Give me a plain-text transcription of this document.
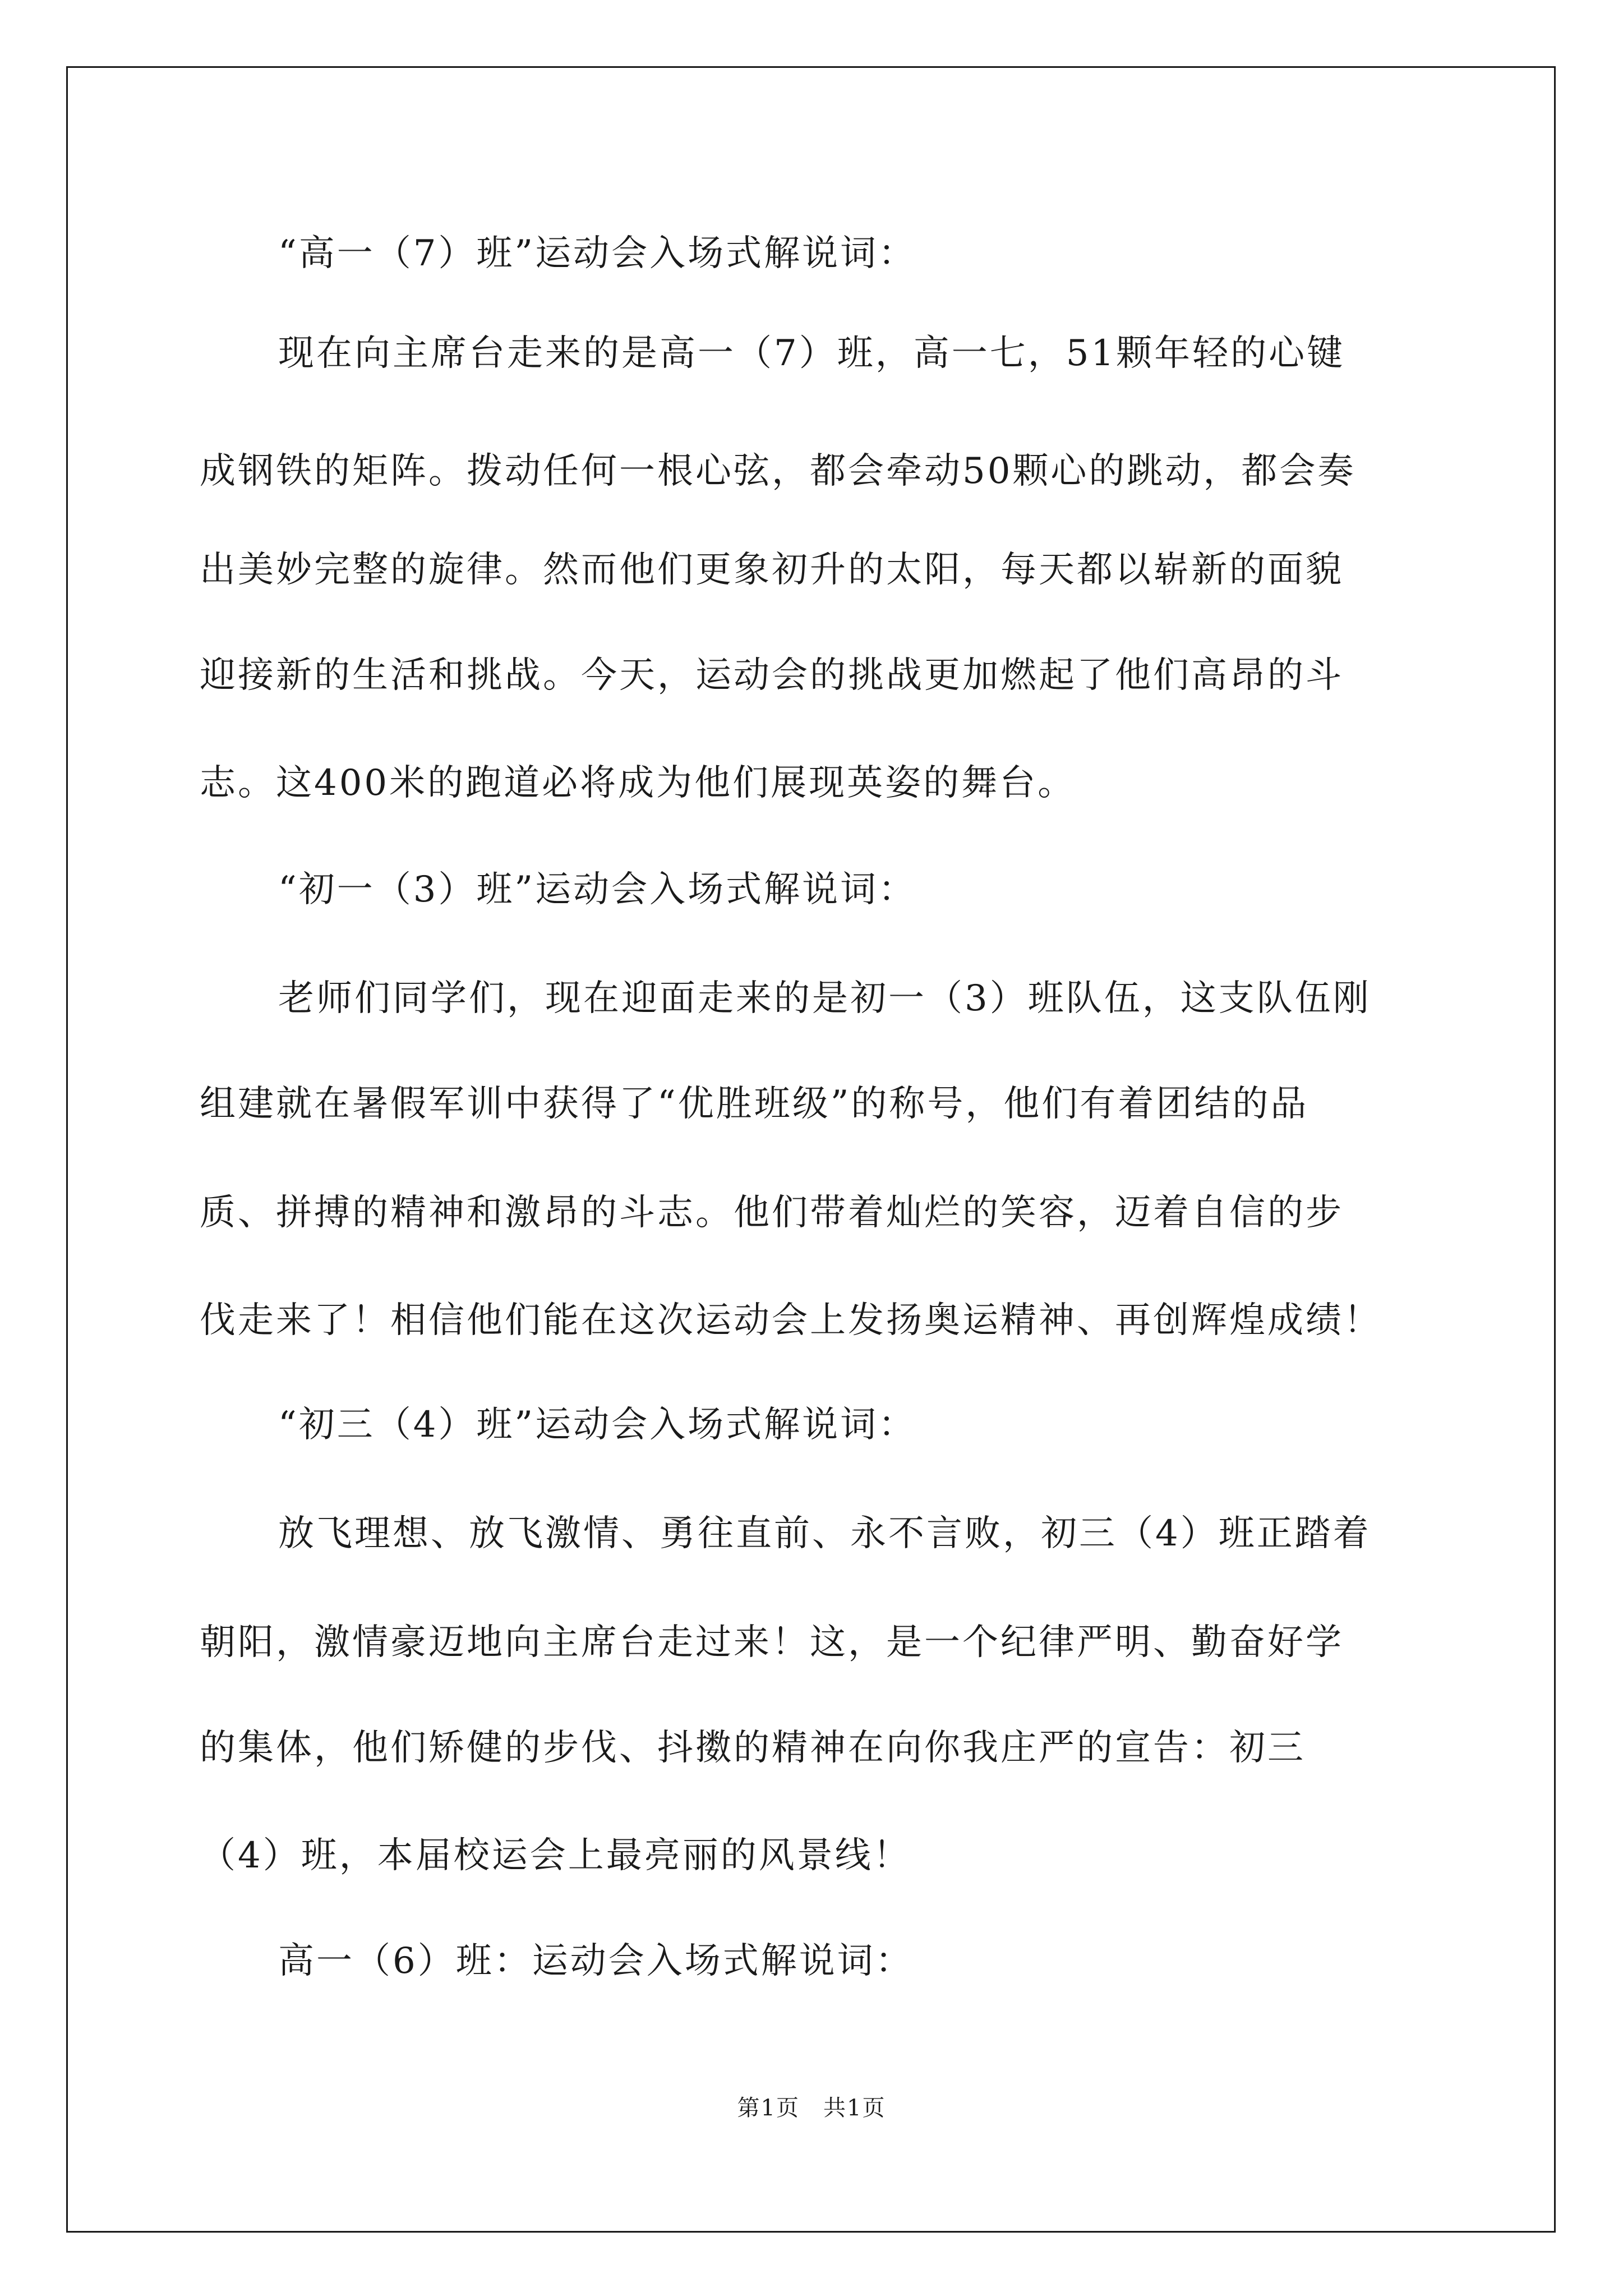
“高一（7）班”运动会入场式解说词：
现在向主席台走来的是高一（7）班，高一七，51颗年轻的心键
成钢铁的矩阵。拨动任何一根心弦，都会牵动50颗心的跳动，都会奏
出美妙完整的旋律。然而他们更象初升的太阳，每天都以崭新的面貌
迎接新的生活和挑战。今天，运动会的挑战更加燃起了他们高昂的斗
志。这400米的跑道必将成为他们展现英姿的舞台。
“初一（3）班”运动会入场式解说词：
老师们同学们，现在迎面走来的是初一（3）班队伍，这支队伍刚
组建就在暑假军训中获得了“优胜班级”的称号，他们有着团结的品
质、拼搏的精神和激昂的斗志。他们带着灿烂的笑容，迈着自信的步
伐走来了！相信他们能在这次运动会上发扬奥运精神、再创辉煌成绩！
“初三（4）班”运动会入场式解说词：
放飞理想、放飞激情、勇往直前、永不言败，初三（4）班正踏着
朝阳，激情豪迈地向主席台走过来！这，是一个纪律严明、勤奋好学
的集体，他们矫健的步伐、抖擞的精神在向你我庄严的宣告：初三
（4）班，本届校运会上最亮丽的风景线！
高一（6）班：运动会入场式解说词：
第1页　共1页
